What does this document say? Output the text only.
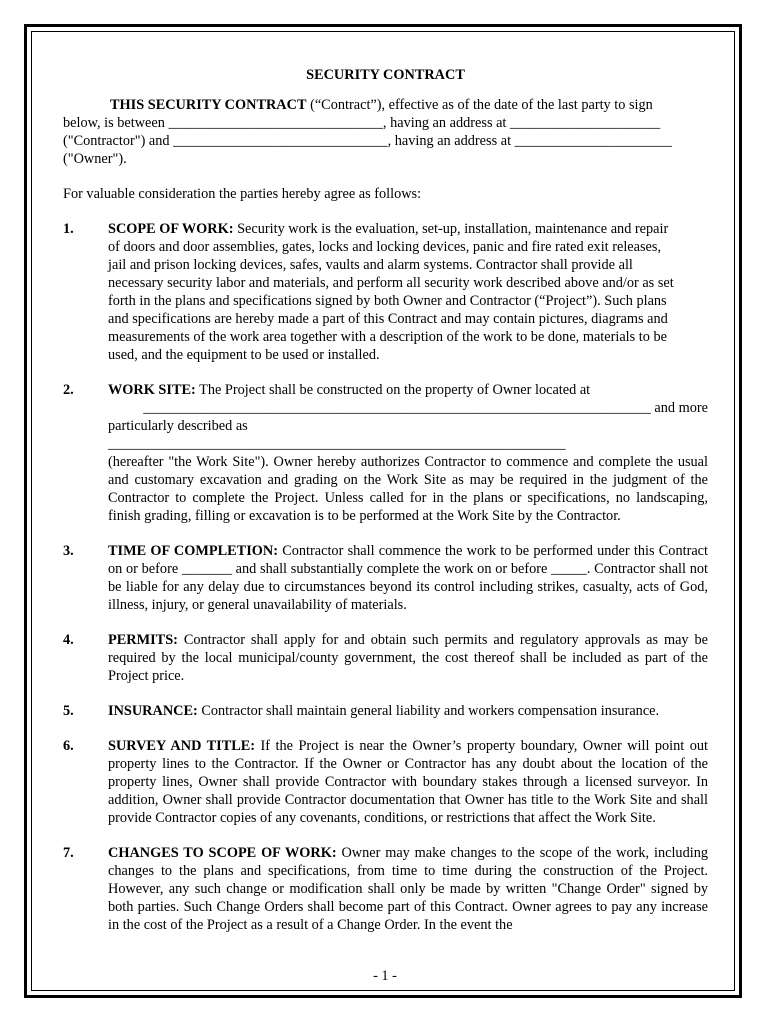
SECURITY CONTRACT

THIS SECURITY CONTRACT (“Contract”), effective as of the date of the last party to sign
below, is between ______________________________, having an address at _____________________
("Contractor") and ______________________________, having an address at ______________________
("Owner").

For valuable consideration the parties hereby agree as follows:

1. SCOPE OF WORK: Security work is the evaluation, set-up, installation, maintenance and repair
of doors and door assemblies, gates, locks and locking devices, panic and fire rated exit releases,
jail and prison locking devices, safes, vaults and alarm systems. Contractor shall provide all
necessary security labor and materials, and perform all security work described above and/or as set
forth in the plans and specifications signed by both Owner and Contractor (“Project”). Such plans
and specifications are hereby made a part of this Contract and may contain pictures, diagrams and
measurements of the work area together with a description of the work to be done, materials to be
used, and the equipment to be used or installed.
2. WORK SITE: The Project shall be constructed on the property of Owner located at
_______________________________________________________________________ and more
particularly described as ________________________________________________________________
(hereafter "the Work Site"). Owner hereby authorizes Contractor to commence and complete the usual and customary excavation and grading on the Work Site as may be required in the judgment of the Contractor to complete the Project. Unless called for in the plans or specifications, no landscaping, finish grading, filling or excavation is to be performed at the Work Site by the Contractor.
3. TIME OF COMPLETION: Contractor shall commence the work to be performed under this Contract on or before _______ and shall substantially complete the work on or before _____. Contractor shall not be liable for any delay due to circumstances beyond its control including strikes, casualty, acts of God, illness, injury, or general unavailability of materials.
4. PERMITS: Contractor shall apply for and obtain such permits and regulatory approvals as may be required by the local municipal/county government, the cost thereof shall be included as part of the Project price.
5. INSURANCE: Contractor shall maintain general liability and workers compensation insurance.
6. SURVEY AND TITLE: If the Project is near the Owner’s property boundary, Owner will point out property lines to the Contractor. If the Owner or Contractor has any doubt about the location of the property lines, Owner shall provide Contractor with boundary stakes through a licensed surveyor. In addition, Owner shall provide Contractor documentation that Owner has title to the Work Site and shall provide Contractor copies of any covenants, conditions, or restrictions that affect the Work Site.
7. CHANGES TO SCOPE OF WORK: Owner may make changes to the scope of the work, including changes to the plans and specifications, from time to time during the construction of the Project. However, any such change or modification shall only be made by written "Change Order" signed by both parties. Such Change Orders shall become part of this Contract. Owner agrees to pay any increase in the cost of the Project as a result of a Change Order. In the event the
- 1 -
